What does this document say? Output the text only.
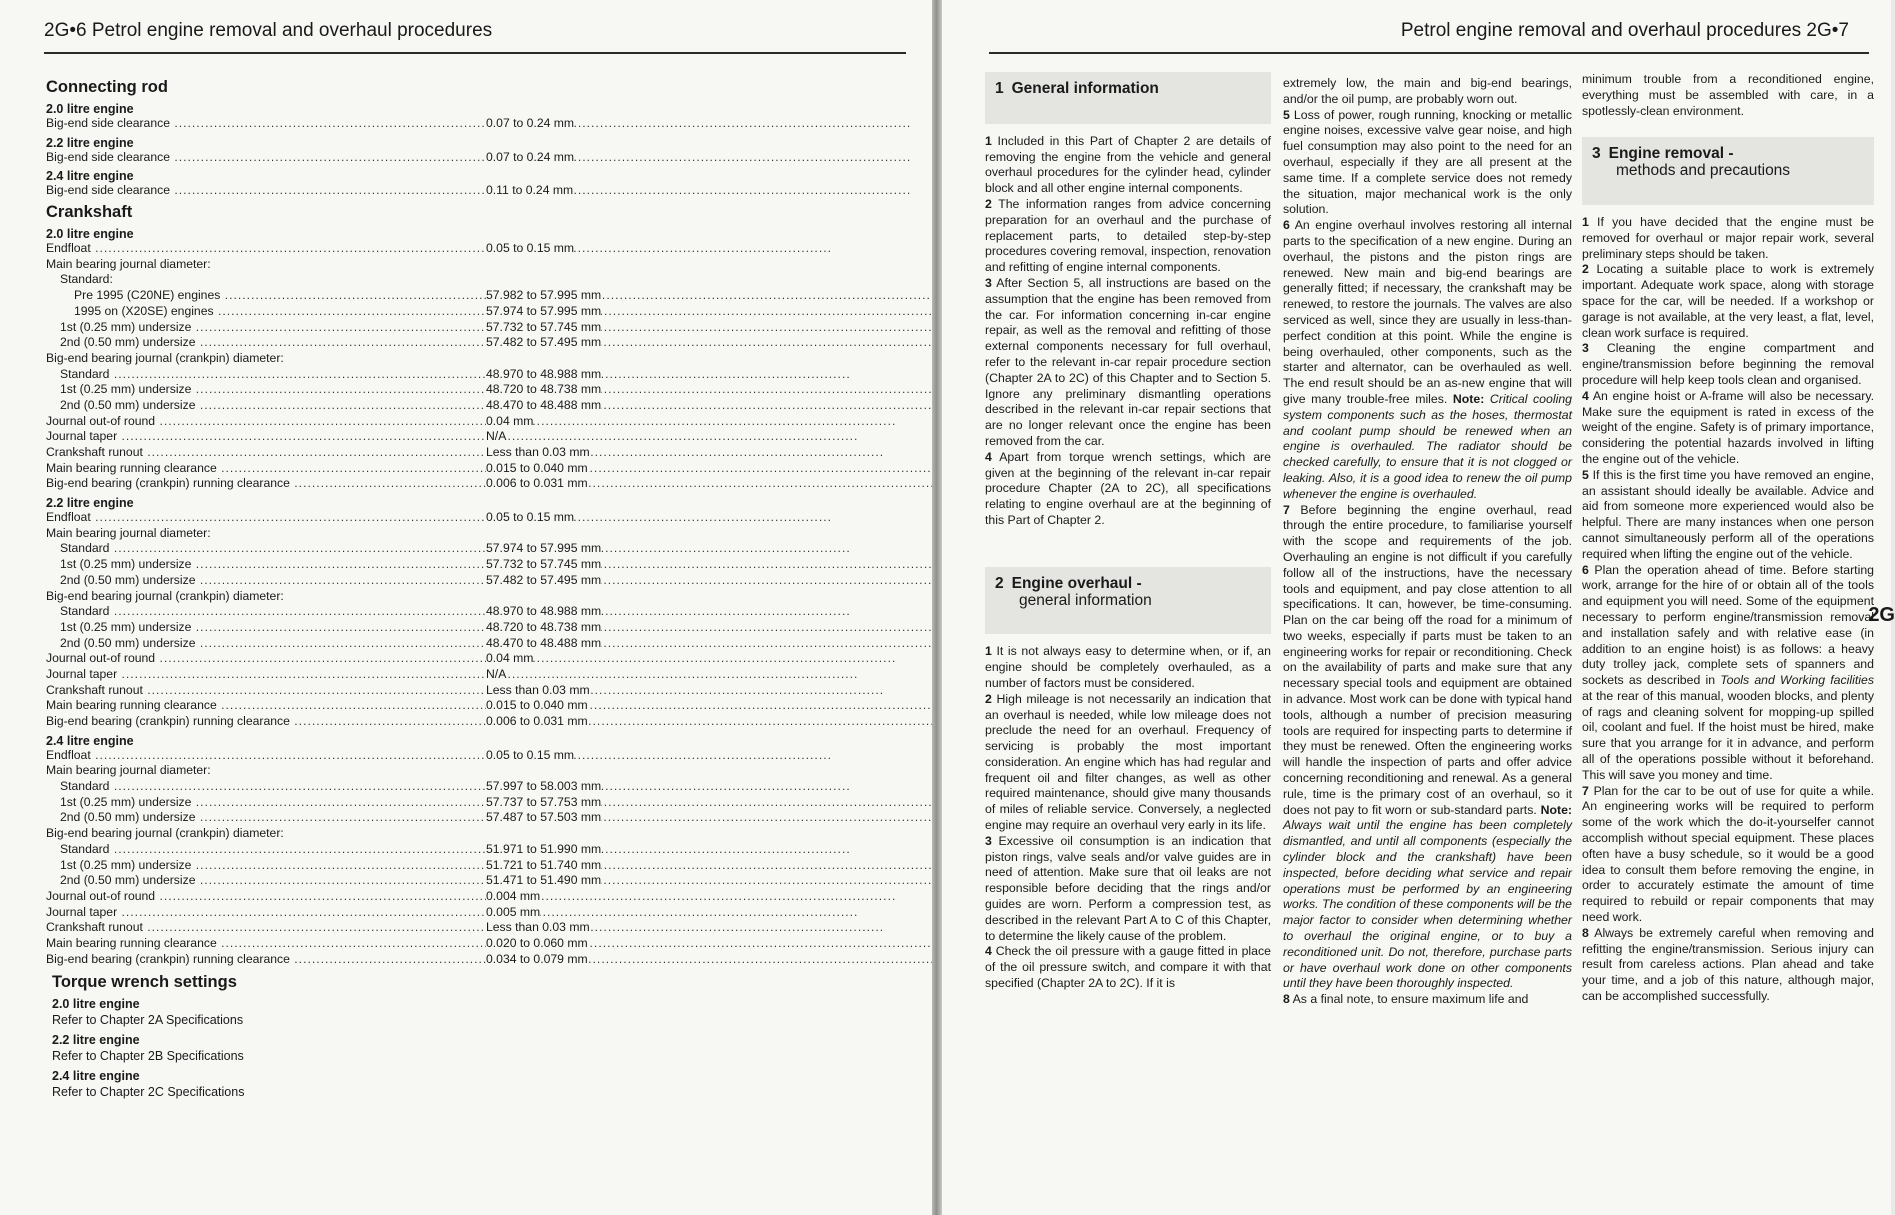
2G•6 Petrol engine removal and overhaul procedures
Connecting rod
2.0 litre engine
Big-end side clearance .....	0.07 to 0.24 mm
2.2 litre engine
Big-end side clearance .....	0.07 to 0.24 mm
2.4 litre engine
Big-end side clearance .....	0.11 to 0.24 mm
Crankshaft
2.0 litre engine
Endfloat .....	0.05 to 0.15 mm
Main bearing journal diameter:
Standard:
Pre 1995 (C20NE) engines .....	57.982 to 57.995 mm
1995 on (X20SE) engines .....	57.974 to 57.995 mm
1st (0.25 mm) undersize .....	57.732 to 57.745 mm
2nd (0.50 mm) undersize .....	57.482 to 57.495 mm
Big-end bearing journal (crankpin) diameter:
Standard .....	48.970 to 48.988 mm
1st (0.25 mm) undersize .....	48.720 to 48.738 mm
2nd (0.50 mm) undersize .....	48.470 to 48.488 mm
Journal out-of round .....	0.04 mm
Journal taper .....	N/A
Crankshaft runout .....	Less than 0.03 mm
Main bearing running clearance .....	0.015 to 0.040 mm
Big-end bearing (crankpin) running clearance .....	0.006 to 0.031 mm
2.2 litre engine
Endfloat .....	0.05 to 0.15 mm
Main bearing journal diameter:
Standard .....	57.974 to 57.995 mm
1st (0.25 mm) undersize .....	57.732 to 57.745 mm
2nd (0.50 mm) undersize .....	57.482 to 57.495 mm
Big-end bearing journal (crankpin) diameter:
Standard .....	48.970 to 48.988 mm
1st (0.25 mm) undersize .....	48.720 to 48.738 mm
2nd (0.50 mm) undersize .....	48.470 to 48.488 mm
Journal out-of round .....	0.04 mm
Journal taper .....	N/A
Crankshaft runout .....	Less than 0.03 mm
Main bearing running clearance .....	0.015 to 0.040 mm
Big-end bearing (crankpin) running clearance .....	0.006 to 0.031 mm
2.4 litre engine
Endfloat .....	0.05 to 0.15 mm
Main bearing journal diameter:
Standard .....	57.997 to 58.003 mm
1st (0.25 mm) undersize .....	57.737 to 57.753 mm
2nd (0.50 mm) undersize .....	57.487 to 57.503 mm
Big-end bearing journal (crankpin) diameter:
Standard .....	51.971 to 51.990 mm
1st (0.25 mm) undersize .....	51.721 to 51.740 mm
2nd (0.50 mm) undersize .....	51.471 to 51.490 mm
Journal out-of round .....	0.004 mm
Journal taper .....	0.005 mm
Crankshaft runout .....	Less than 0.03 mm
Main bearing running clearance .....	0.020 to 0.060 mm
Big-end bearing (crankpin) running clearance .....	0.034 to 0.079 mm
Torque wrench settings
2.0 litre engine
Refer to Chapter 2A Specifications
2.2 litre engine
Refer to Chapter 2B Specifications
2.4 litre engine
Refer to Chapter 2C Specifications
Petrol engine removal and overhaul procedures 2G•7
1 General information

1 Included in this Part of Chapter 2 are details of removing the engine from the vehicle and general overhaul procedures for the cylinder head, cylinder block and all other engine internal components.

2 The information ranges from advice concerning preparation for an overhaul and the purchase of replacement parts, to detailed step-by-step procedures covering removal, inspection, renovation and refitting of engine internal components.

3 After Section 5, all instructions are based on the assumption that the engine has been removed from the car. For information concerning in-car engine repair, as well as the removal and refitting of those external components necessary for full overhaul, refer to the relevant in-car repair procedure section (Chapter 2A to 2C) of this Chapter and to Section 5. Ignore any preliminary dismantling operations described in the relevant in-car repair sections that are no longer relevant once the engine has been removed from the car.

4 Apart from torque wrench settings, which are given at the beginning of the relevant in-car repair procedure Chapter (2A to 2C), all specifications relating to engine overhaul are at the beginning of this Part of Chapter 2.

2 Engine overhaul -
general information

1 It is not always easy to determine when, or if, an engine should be completely overhauled, as a number of factors must be considered.

2 High mileage is not necessarily an indication that an overhaul is needed, while low mileage does not preclude the need for an overhaul. Frequency of servicing is probably the most important consideration. An engine which has had regular and frequent oil and filter changes, as well as other required maintenance, should give many thousands of miles of reliable service. Conversely, a neglected engine may require an overhaul very early in its life.

3 Excessive oil consumption is an indication that piston rings, valve seals and/or valve guides are in need of attention. Make sure that oil leaks are not responsible before deciding that the rings and/or guides are worn. Perform a compression test, as described in the relevant Part A to C of this Chapter, to determine the likely cause of the problem.

4 Check the oil pressure with a gauge fitted in place of the oil pressure switch, and compare it with that specified (Chapter 2A to 2C). If it is

extremely low, the main and big-end bearings, and/or the oil pump, are probably worn out.

5 Loss of power, rough running, knocking or metallic engine noises, excessive valve gear noise, and high fuel consumption may also point to the need for an overhaul, especially if they are all present at the same time. If a complete service does not remedy the situation, major mechanical work is the only solution.

6 An engine overhaul involves restoring all internal parts to the specification of a new engine. During an overhaul, the pistons and the piston rings are renewed. New main and big-end bearings are generally fitted; if necessary, the crankshaft may be renewed, to restore the journals. The valves are also serviced as well, since they are usually in less-than-perfect condition at this point. While the engine is being overhauled, other components, such as the starter and alternator, can be overhauled as well. The end result should be an as-new engine that will give many trouble-free miles. Note: Critical cooling system components such as the hoses, thermostat and coolant pump should be renewed when an engine is overhauled. The radiator should be checked carefully, to ensure that it is not clogged or leaking. Also, it is a good idea to renew the oil pump whenever the engine is overhauled.

7 Before beginning the engine overhaul, read through the entire procedure, to familiarise yourself with the scope and requirements of the job. Overhauling an engine is not difficult if you carefully follow all of the instructions, have the necessary tools and equipment, and pay close attention to all specifications. It can, however, be time-consuming. Plan on the car being off the road for a minimum of two weeks, especially if parts must be taken to an engineering works for repair or reconditioning. Check on the availability of parts and make sure that any necessary special tools and equipment are obtained in advance. Most work can be done with typical hand tools, although a number of precision measuring tools are required for inspecting parts to determine if they must be renewed. Often the engineering works will handle the inspection of parts and offer advice concerning reconditioning and renewal. As a general rule, time is the primary cost of an overhaul, so it does not pay to fit worn or sub-standard parts. Note: Always wait until the engine has been completely dismantled, and until all components (especially the cylinder block and the crankshaft) have been inspected, before deciding what service and repair operations must be performed by an engineering works. The condition of these components will be the major factor to consider when determining whether to overhaul the original engine, or to buy a reconditioned unit. Do not, therefore, purchase parts or have overhaul work done on other components until they have been thoroughly inspected.

8 As a final note, to ensure maximum life and

minimum trouble from a reconditioned engine, everything must be assembled with care, in a spotlessly-clean environment.

3 Engine removal -
methods and precautions

1 If you have decided that the engine must be removed for overhaul or major repair work, several preliminary steps should be taken.

2 Locating a suitable place to work is extremely important. Adequate work space, along with storage space for the car, will be needed. If a workshop or garage is not available, at the very least, a flat, level, clean work surface is required.

3 Cleaning the engine compartment and engine/transmission before beginning the removal procedure will help keep tools clean and organised.

4 An engine hoist or A-frame will also be necessary. Make sure the equipment is rated in excess of the weight of the engine. Safety is of primary importance, considering the potential hazards involved in lifting the engine out of the vehicle.

5 If this is the first time you have removed an engine, an assistant should ideally be available. Advice and aid from someone more experienced would also be helpful. There are many instances when one person cannot simultaneously perform all of the operations required when lifting the engine out of the vehicle.

6 Plan the operation ahead of time. Before starting work, arrange for the hire of or obtain all of the tools and equipment you will need. Some of the equipment necessary to perform engine/transmission removal and installation safely and with relative ease (in addition to an engine hoist) is as follows: a heavy duty trolley jack, complete sets of spanners and sockets as described in Tools and Working facilities at the rear of this manual, wooden blocks, and plenty of rags and cleaning solvent for mopping-up spilled oil, coolant and fuel. If the hoist must be hired, make sure that you arrange for it in advance, and perform all of the operations possible without it beforehand. This will save you money and time.

7 Plan for the car to be out of use for quite a while. An engineering works will be required to perform some of the work which the do-it-yourselfer cannot accomplish without special equipment. These places often have a busy schedule, so it would be a good idea to consult them before removing the engine, in order to accurately estimate the amount of time required to rebuild or repair components that may need work.

8 Always be extremely careful when removing and refitting the engine/transmission. Serious injury can result from careless actions. Plan ahead and take your time, and a job of this nature, although major, can be accomplished successfully.

2G
